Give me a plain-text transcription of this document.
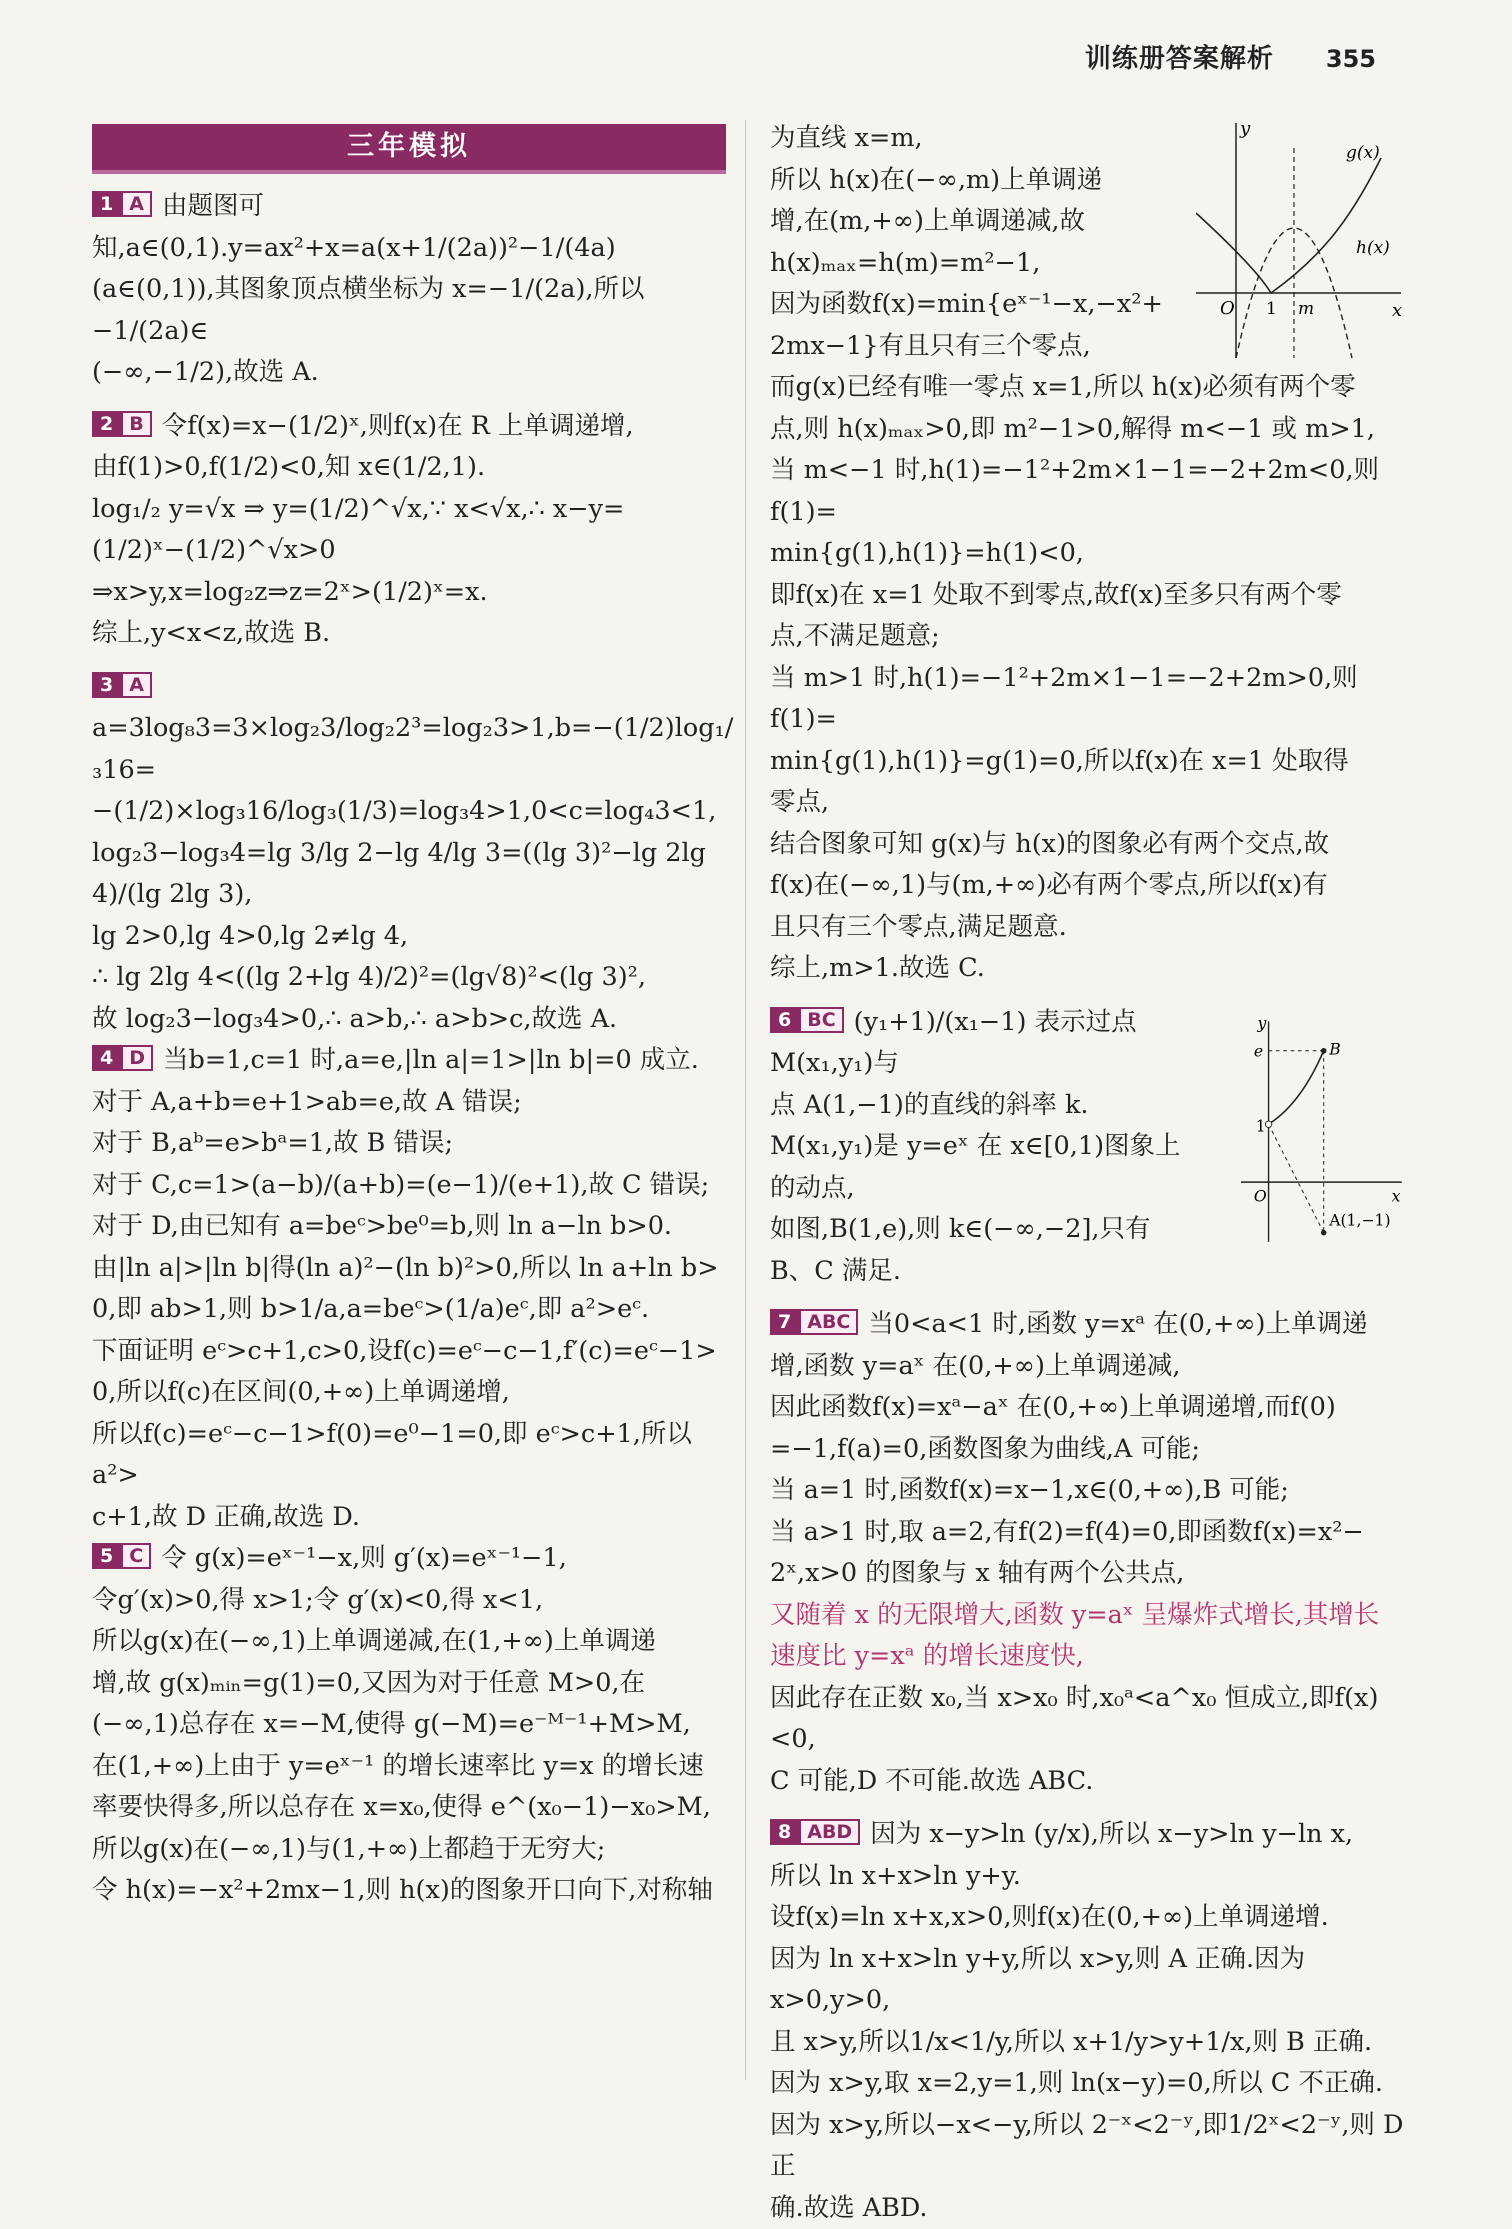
训练册答案解析 355
三年模拟

1 A 由题图可知,a∈(0,1).y=ax²+x=a(x+1/(2a))²−1/(4a)

(a∈(0,1)),其图象顶点横坐标为 x=−1/(2a),所以−1/(2a)∈

(−∞,−1/2),故选 A.

2 B 令f(x)=x−(1/2)ˣ,则f(x)在 R 上单调递增,

由f(1)>0,f(1/2)<0,知 x∈(1/2,1).

log₁/₂ y=√x ⇒ y=(1/2)^√x,∵ x<√x,∴ x−y=(1/2)ˣ−(1/2)^√x>0

⇒x>y,x=log₂z⇒z=2ˣ>(1/2)ˣ=x.

综上,y<x<z,故选 B.

3 A
a=3log₈3=3×log₂3/log₂2³=log₂3>1,b=−(1/2)log₁/₃16=

−(1/2)×log₃16/log₃(1/3)=log₃4>1,0<c=log₄3<1,

log₂3−log₃4=lg 3/lg 2−lg 4/lg 3=((lg 3)²−lg 2lg 4)/(lg 2lg 3),

lg 2>0,lg 4>0,lg 2≠lg 4,

∴ lg 2lg 4<((lg 2+lg 4)/2)²=(lg√8)²<(lg 3)²,

故 log₂3−log₃4>0,∴ a>b,∴ a>b>c,故选 A.

4 D 当b=1,c=1 时,a=e,|ln a|=1>|ln b|=0 成立.

对于 A,a+b=e+1>ab=e,故 A 错误;

对于 B,aᵇ=e>bᵃ=1,故 B 错误;

对于 C,c=1>(a−b)/(a+b)=(e−1)/(e+1),故 C 错误;

对于 D,由已知有 a=beᶜ>be⁰=b,则 ln a−ln b>0.

由|ln a|>|ln b|得(ln a)²−(ln b)²>0,所以 ln a+ln b>

0,即 ab>1,则 b>1/a,a=beᶜ>(1/a)eᶜ,即 a²>eᶜ.

下面证明 eᶜ>c+1,c>0,设f(c)=eᶜ−c−1,f′(c)=eᶜ−1>

0,所以f(c)在区间(0,+∞)上单调递增,

所以f(c)=eᶜ−c−1>f(0)=e⁰−1=0,即 eᶜ>c+1,所以 a²>

c+1,故 D 正确,故选 D.

5 C 令 g(x)=eˣ⁻¹−x,则 g′(x)=eˣ⁻¹−1,

令g′(x)>0,得 x>1;令 g′(x)<0,得 x<1,

所以g(x)在(−∞,1)上单调递减,在(1,+∞)上单调递

增,故 g(x)ₘᵢₙ=g(1)=0,又因为对于任意 M>0,在

(−∞,1)总存在 x=−M,使得 g(−M)=e⁻ᴹ⁻¹+M>M,

在(1,+∞)上由于 y=eˣ⁻¹ 的增长速率比 y=x 的增长速

率要快得多,所以总存在 x=x₀,使得 e^(x₀−1)−x₀>M,

所以g(x)在(−∞,1)与(1,+∞)上都趋于无穷大;

令 h(x)=−x²+2mx−1,则 h(x)的图象开口向下,对称轴

为直线 x=m,

所以 h(x)在(−∞,m)上单调递

增,在(m,+∞)上单调递减,故

h(x)ₘₐₓ=h(m)=m²−1,

因为函数f(x)=min{eˣ⁻¹−x,−x²+

2mx−1}有且只有三个零点,

y
x
O 1 m
g(x)
h(x)

而g(x)已经有唯一零点 x=1,所以 h(x)必须有两个零

点,则 h(x)ₘₐₓ>0,即 m²−1>0,解得 m<−1 或 m>1,

当 m<−1 时,h(1)=−1²+2m×1−1=−2+2m<0,则f(1)=

min{g(1),h(1)}=h(1)<0,

即f(x)在 x=1 处取不到零点,故f(x)至多只有两个零

点,不满足题意;

当 m>1 时,h(1)=−1²+2m×1−1=−2+2m>0,则f(1)=

min{g(1),h(1)}=g(1)=0,所以f(x)在 x=1 处取得

零点,

结合图象可知 g(x)与 h(x)的图象必有两个交点,故

f(x)在(−∞,1)与(m,+∞)必有两个零点,所以f(x)有

且只有三个零点,满足题意.

综上,m>1.故选 C.

6 BC (y₁+1)/(x₁−1) 表示过点 M(x₁,y₁)与

点 A(1,−1)的直线的斜率 k.

M(x₁,y₁)是 y=eˣ 在 x∈[0,1)图象上

的动点,

如图,B(1,e),则 k∈(−∞,−2],只有

B、C 满足.

y
x
O
e
1
B
A(1,−1)

7 ABC 当0<a<1 时,函数 y=xᵃ 在(0,+∞)上单调递

增,函数 y=aˣ 在(0,+∞)上单调递减,

因此函数f(x)=xᵃ−aˣ 在(0,+∞)上单调递增,而f(0)

=−1,f(a)=0,函数图象为曲线,A 可能;

当 a=1 时,函数f(x)=x−1,x∈(0,+∞),B 可能;

当 a>1 时,取 a=2,有f(2)=f(4)=0,即函数f(x)=x²−

2ˣ,x>0 的图象与 x 轴有两个公共点,

又随着 x 的无限增大,函数 y=aˣ 呈爆炸式增长,其增长

速度比 y=xᵃ 的增长速度快,

因此存在正数 x₀,当 x>x₀ 时,x₀ᵃ<a^x₀ 恒成立,即f(x)<0,

C 可能,D 不可能.故选 ABC.

8 ABD 因为 x−y>ln (y/x),所以 x−y>ln y−ln x,

所以 ln x+x>ln y+y.

设f(x)=ln x+x,x>0,则f(x)在(0,+∞)上单调递增.

因为 ln x+x>ln y+y,所以 x>y,则 A 正确.因为 x>0,y>0,

且 x>y,所以1/x<1/y,所以 x+1/y>y+1/x,则 B 正确.

因为 x>y,取 x=2,y=1,则 ln(x−y)=0,所以 C 不正确.

因为 x>y,所以−x<−y,所以 2⁻ˣ<2⁻ʸ,即1/2ˣ<2⁻ʸ,则 D 正

确.故选 ABD.
